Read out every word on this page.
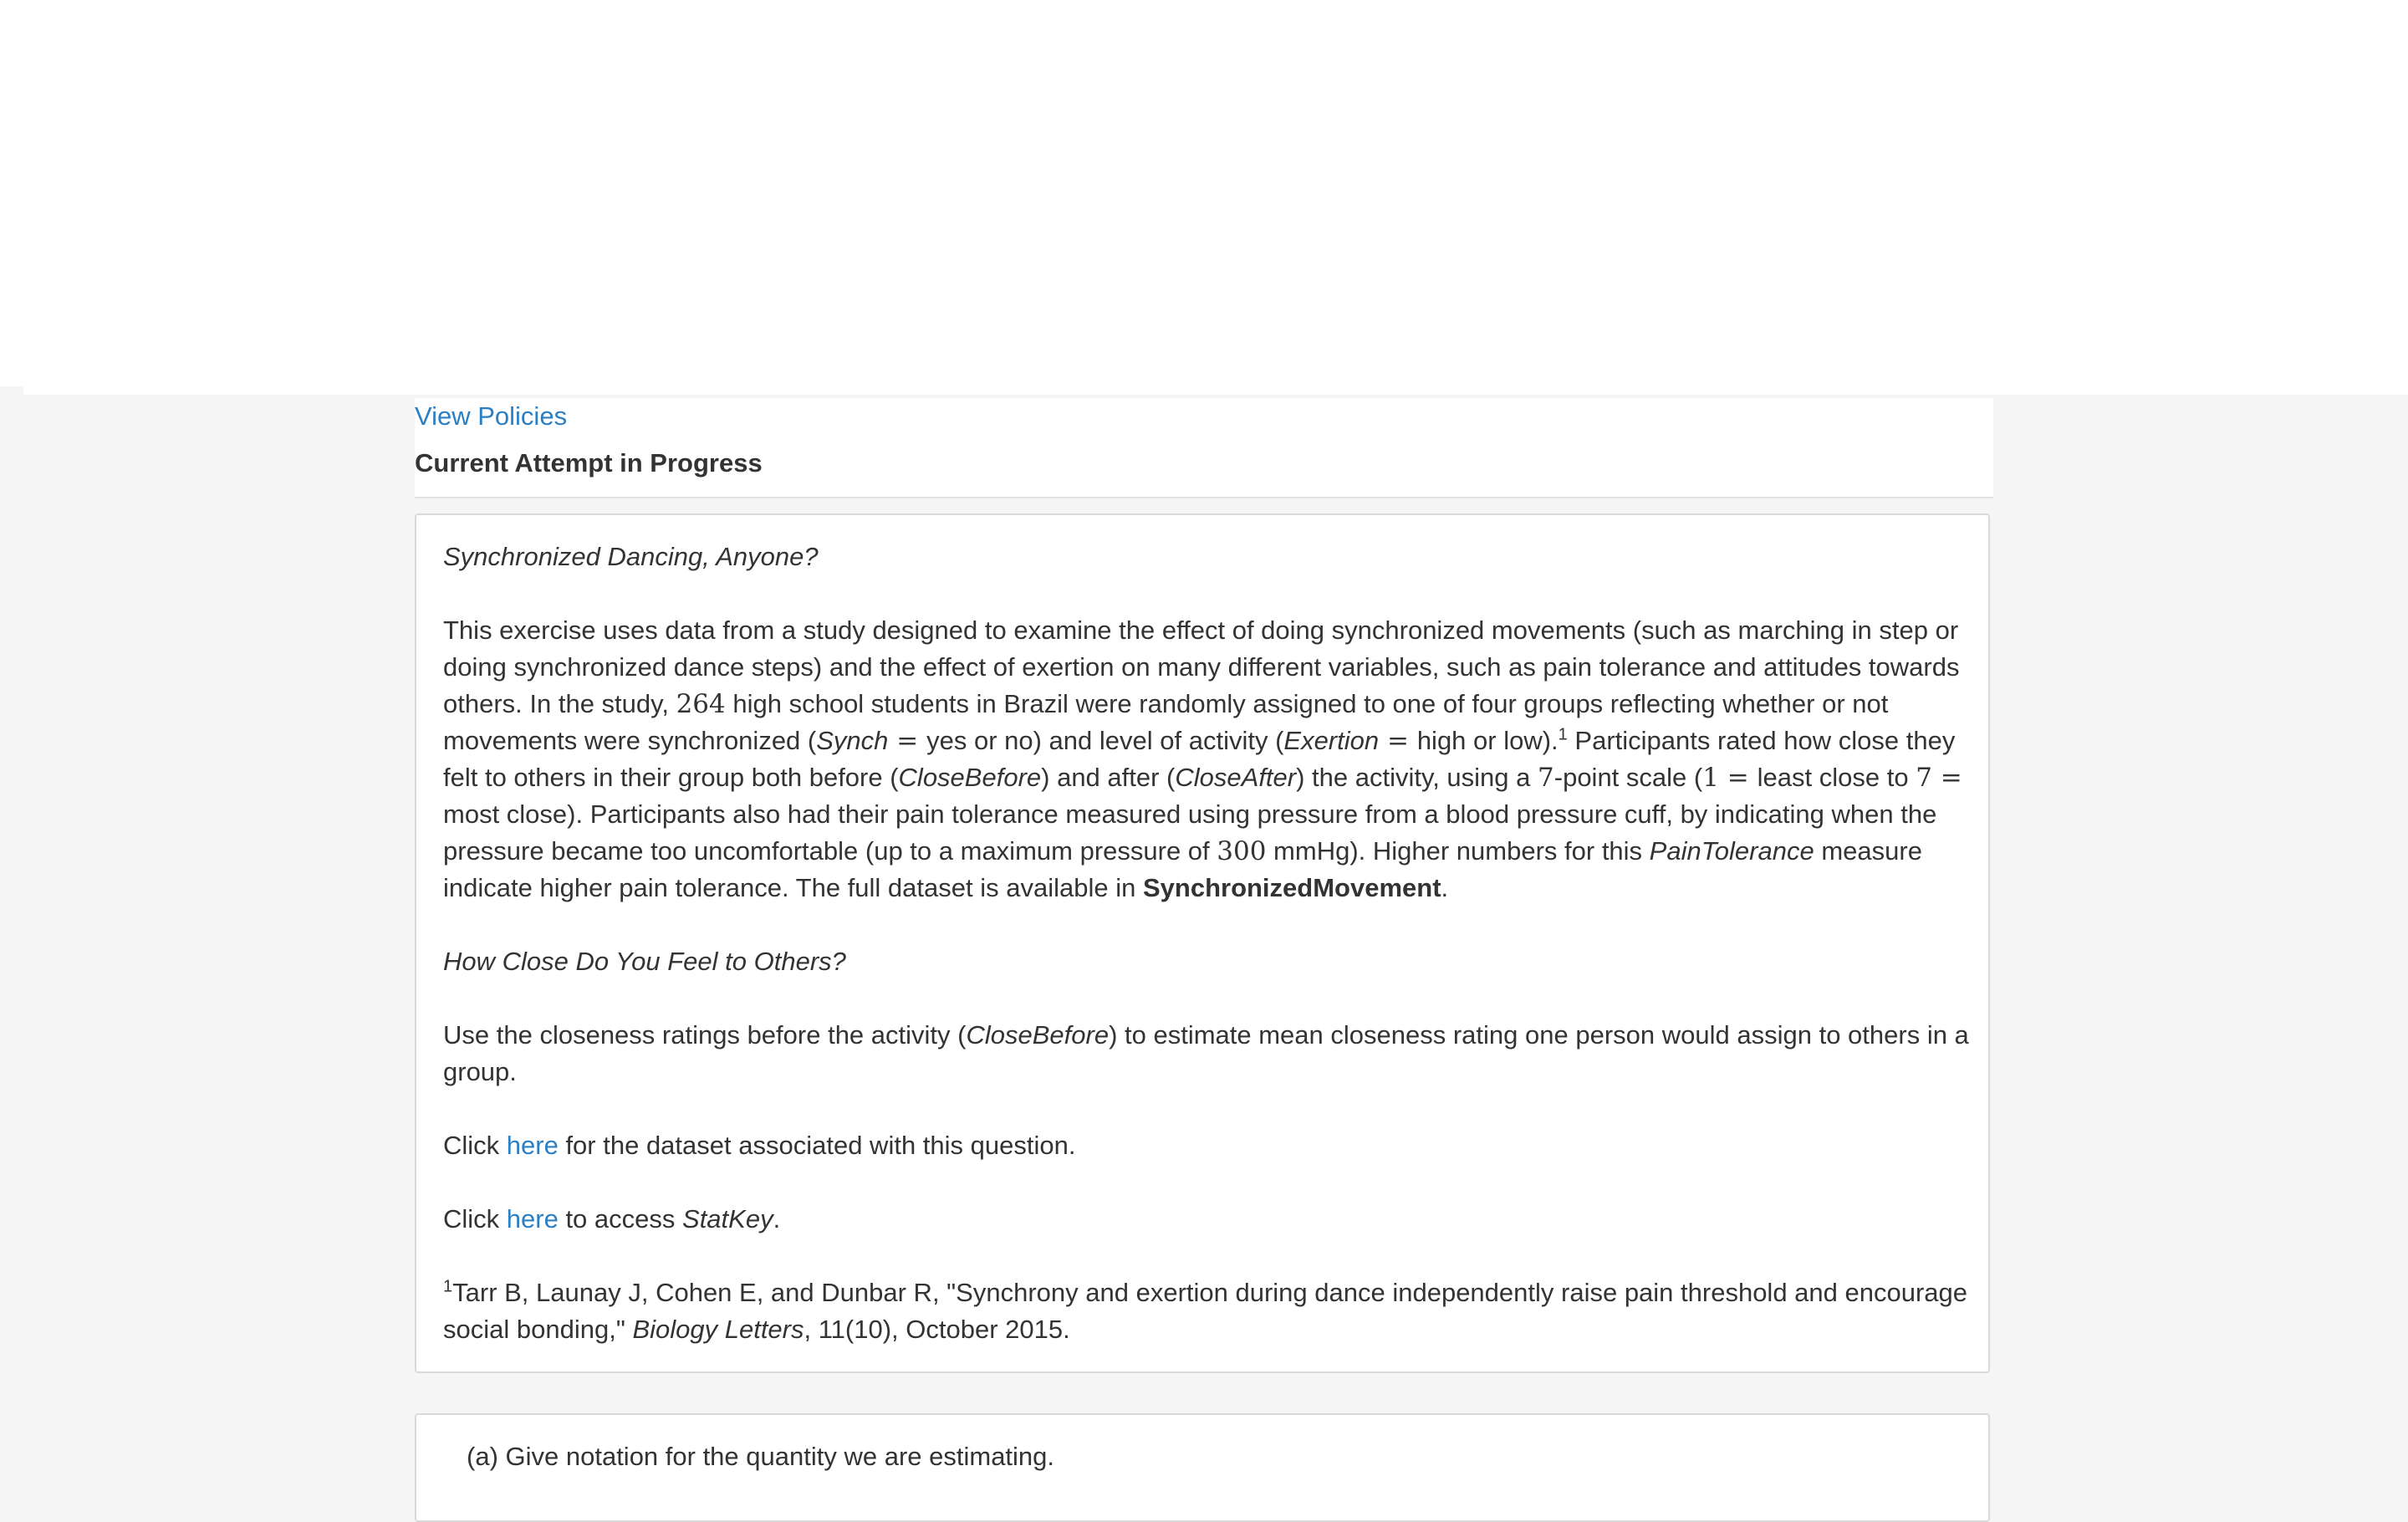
View Policies
Current Attempt in Progress

Synchronized Dancing, Anyone?

This exercise uses data from a study designed to examine the effect of doing synchronized movements (such as marching in step or doing synchronized dance steps) and the effect of exertion on many different variables, such as pain tolerance and attitudes towards others. In the study, 264 high school students in Brazil were randomly assigned to one of four groups reflecting whether or not movements were synchronized (Synch = yes or no) and level of activity (Exertion = high or low).$^1$ Participants rated how close they felt to others in their group both before (CloseBefore) and after (CloseAfter) the activity, using a 7-point scale (1 = least close to 7 = most close). Participants also had their pain tolerance measured using pressure from a blood pressure cuff, by indicating when the pressure became too uncomfortable (up to a maximum pressure of 300 mmHg). Higher numbers for this PainTolerance measure indicate higher pain tolerance. The full dataset is available in SynchronizedMovement.

How Close Do You Feel to Others?

Use the closeness ratings before the activity (CloseBefore) to estimate mean closeness rating one person would assign to others in a group.

Click here for the dataset associated with this question.

Click here to access StatKey.

$^1$Tarr B, Launay J, Cohen E, and Dunbar R, "Synchrony and exertion during dance independently raise pain threshold and encourage social bonding," Biology Letters, 11(10), October 2015.

(a) Give notation for the quantity we are estimating.
